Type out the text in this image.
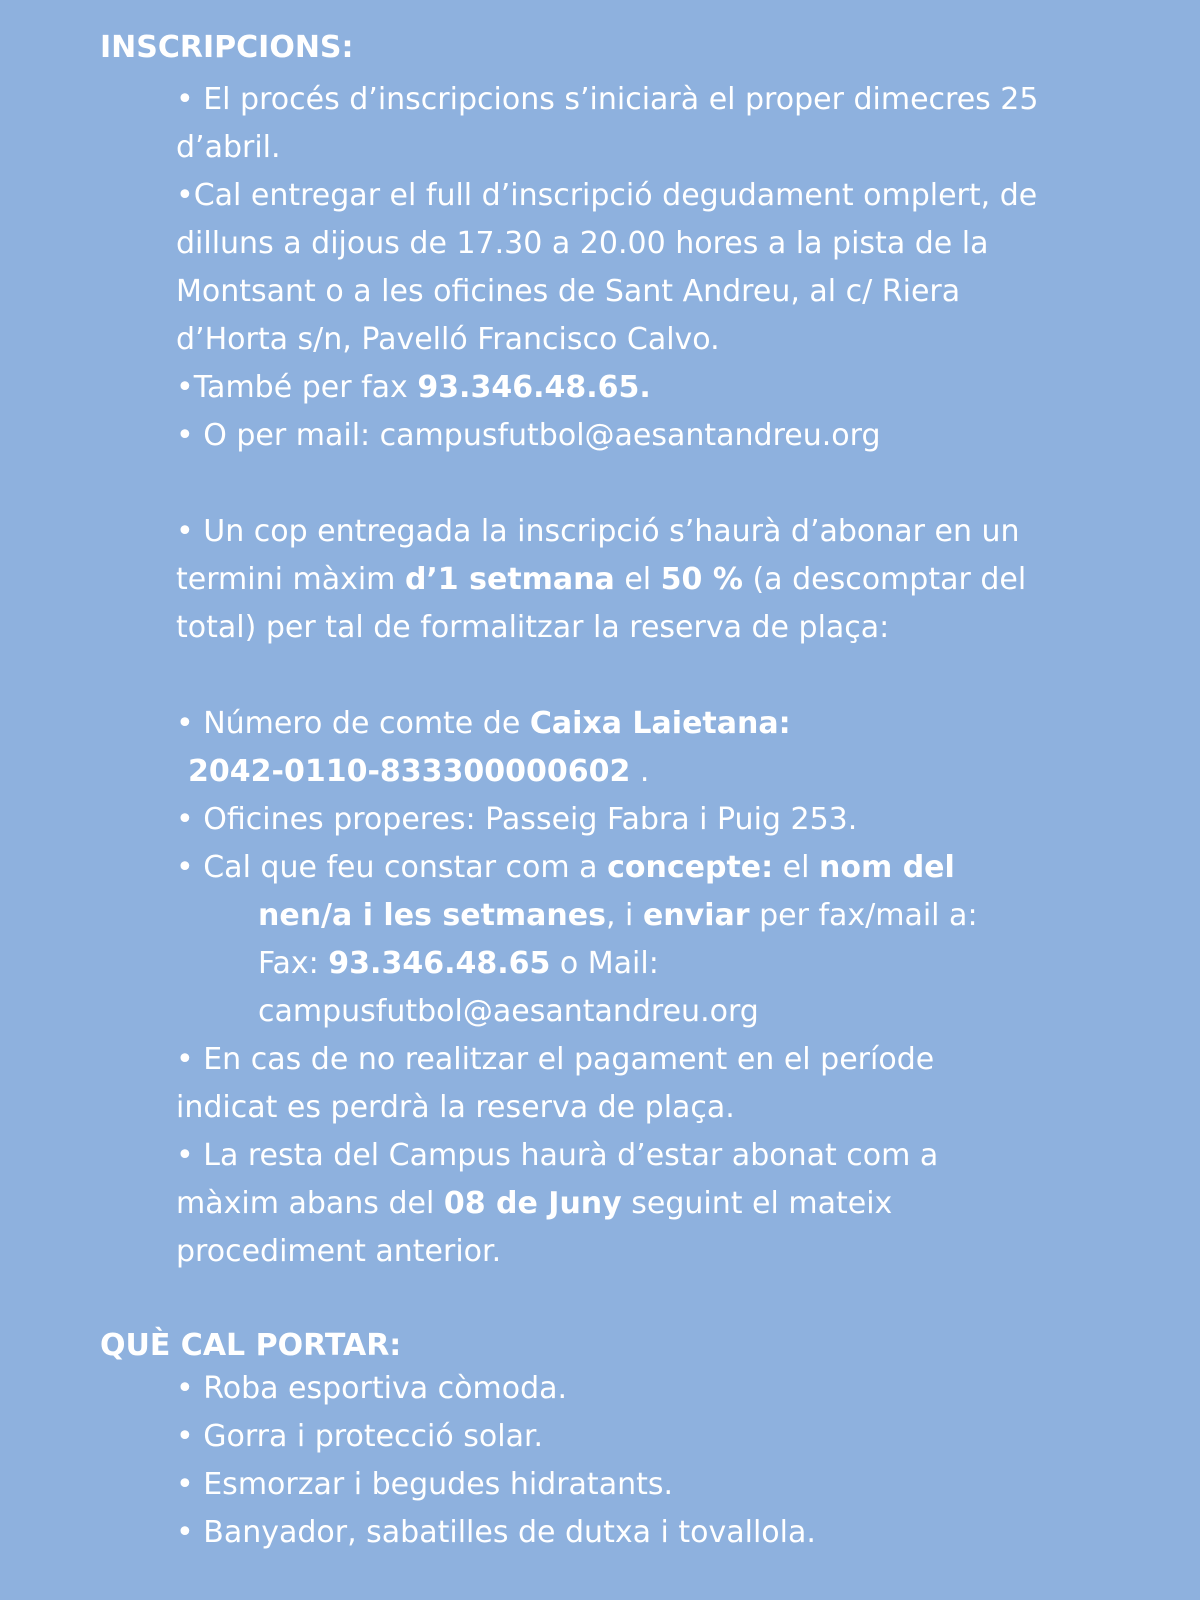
INSCRIPCIONS:
• El procés d’inscripcions s’iniciarà el proper dimecres 25
d’abril.
•Cal entregar el full d’inscripció degudament omplert, de
dilluns a dijous de 17.30 a 20.00 hores a la pista de la
Montsant o a les oficines de Sant Andreu, al c/ Riera
d’Horta s/n, Pavelló Francisco Calvo.
•També per fax 93.346.48.65.
• O per mail: campusfutbol@aesantandreu.org
• Un cop entregada la inscripció s’haurà d’abonar en un
termini màxim d’1 setmana el 50 % (a descomptar del
total) per tal de formalitzar la reserva de plaça:
• Número de comte de Caixa Laietana:
2042-0110-833300000602 .
• Oficines properes: Passeig Fabra i Puig 253.
• Cal que feu constar com a concepte: el nom del
nen/a i les setmanes, i enviar per fax/mail a:
Fax: 93.346.48.65 o Mail:
campusfutbol@aesantandreu.org
• En cas de no realitzar el pagament en el període
indicat es perdrà la reserva de plaça.
• La resta del Campus haurà d’estar abonat com a
màxim abans del 08 de Juny seguint el mateix
procediment anterior.
QUÈ CAL PORTAR:
• Roba esportiva còmoda.
• Gorra i protecció solar.
• Esmorzar i begudes hidratants.
• Banyador, sabatilles de dutxa i tovallola.
